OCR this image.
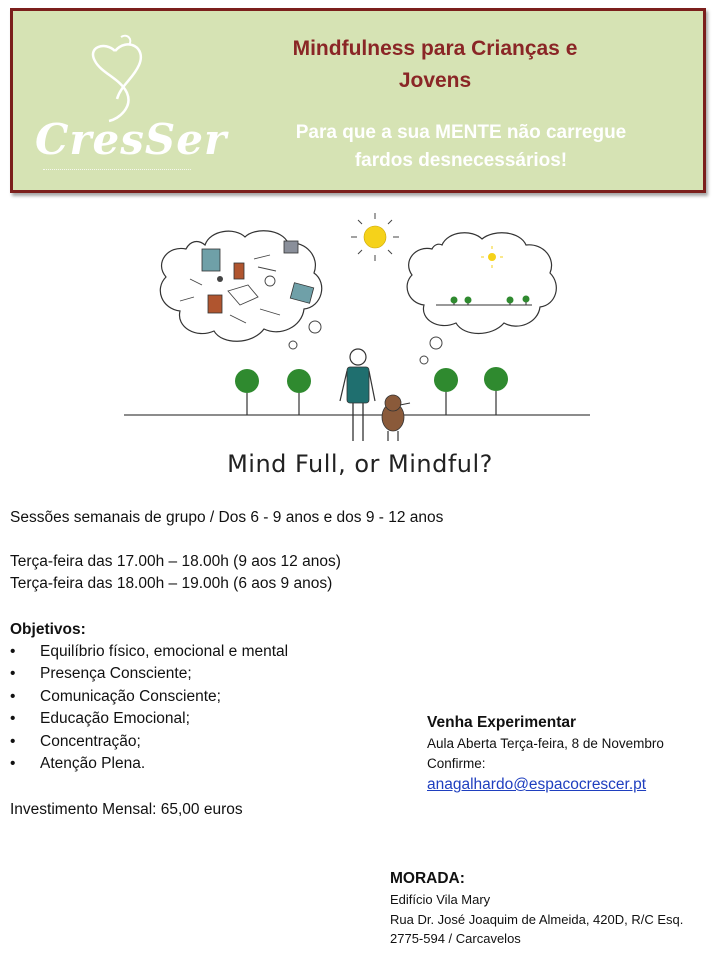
CresSer
Mindfulness para Crianças e
Jovens
Para que a sua MENTE não carregue
fardos desnecessários!
Mind Full, or Mindful?
Sessões semanais de grupo / Dos 6 - 9 anos e dos 9 - 12 anos
Terça-feira das 17.00h – 18.00h (9 aos 12 anos)
Terça-feira das 18.00h – 19.00h (6 aos 9 anos)
Objetivos:
• Equilíbrio físico, emocional e mental
• Presença Consciente;
• Comunicação Consciente;
• Educação Emocional;
• Concentração;
• Atenção Plena.
Investimento Mensal: 65,00 euros
Venha Experimentar
Aula Aberta Terça-feira, 8 de Novembro
Confirme:
anagalhardo@espacocrescer.pt
MORADA:
Edifício Vila Mary
Rua Dr. José Joaquim de Almeida, 420D, R/C Esq.
2775-594 / Carcavelos
